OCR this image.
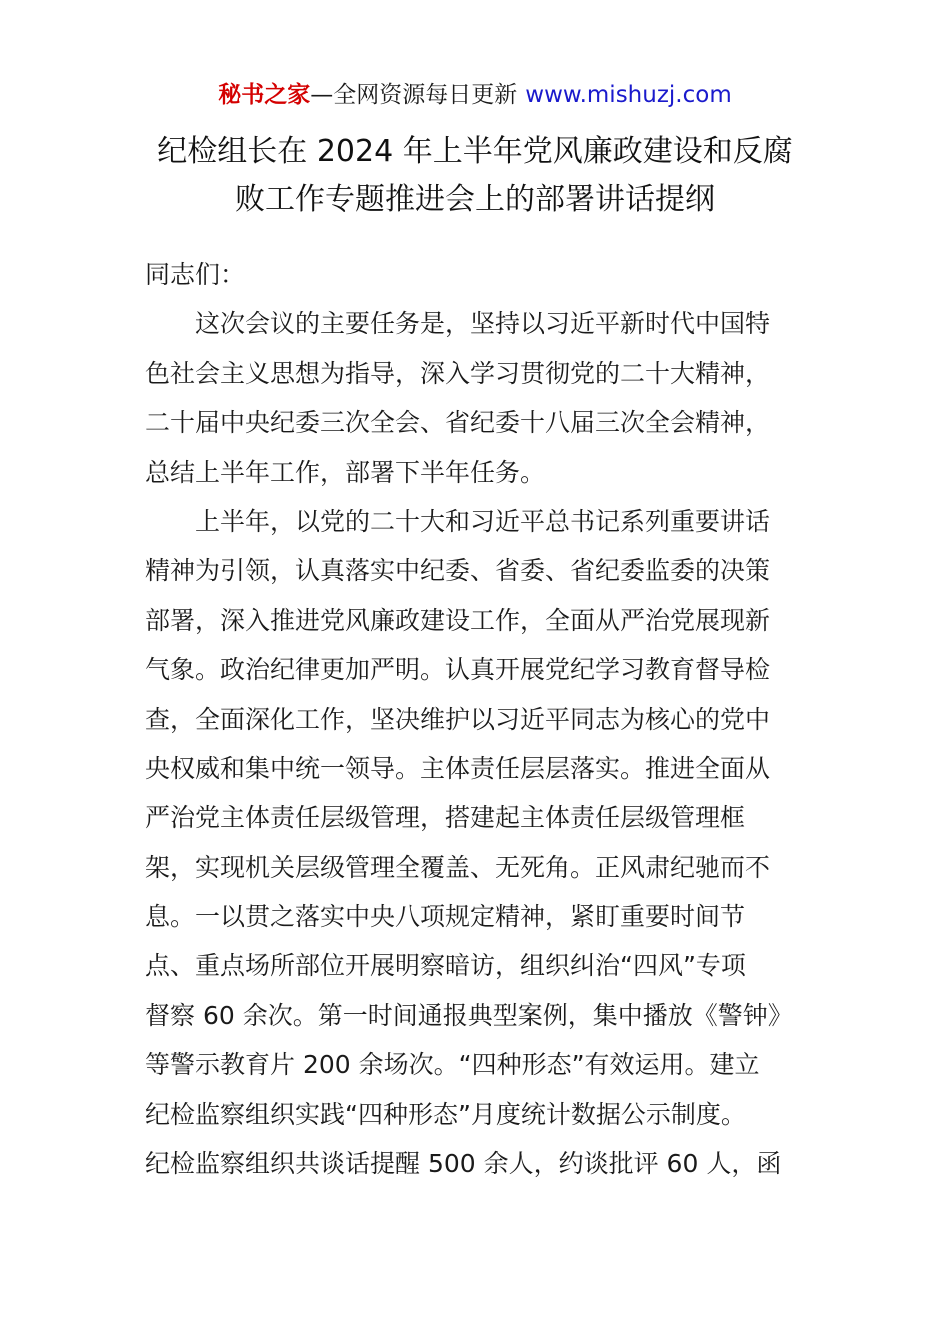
秘书之家—全网资源每日更新 www.mishuzj.com
纪检组长在 2024 年上半年党风廉政建设和反腐
败工作专题推进会上的部署讲话提纲
同志们：
这次会议的主要任务是，坚持以习近平新时代中国特
色社会主义思想为指导，深入学习贯彻党的二十大精神，
二十届中央纪委三次全会、省纪委十八届三次全会精神，
总结上半年工作，部署下半年任务。
上半年，以党的二十大和习近平总书记系列重要讲话
精神为引领，认真落实中纪委、省委、省纪委监委的决策
部署，深入推进党风廉政建设工作，全面从严治党展现新
气象。政治纪律更加严明。认真开展党纪学习教育督导检
查，全面深化工作，坚决维护以习近平同志为核心的党中
央权威和集中统一领导。主体责任层层落实。推进全面从
严治党主体责任层级管理，搭建起主体责任层级管理框
架，实现机关层级管理全覆盖、无死角。正风肃纪驰而不
息。一以贯之落实中央八项规定精神，紧盯重要时间节
点、重点场所部位开展明察暗访，组织纠治“四风”专项
督察 60 余次。第一时间通报典型案例，集中播放《警钟》
等警示教育片 200 余场次。“四种形态”有效运用。建立
纪检监察组织实践“四种形态”月度统计数据公示制度。
纪检监察组织共谈话提醒 500 余人，约谈批评 60 人，函
